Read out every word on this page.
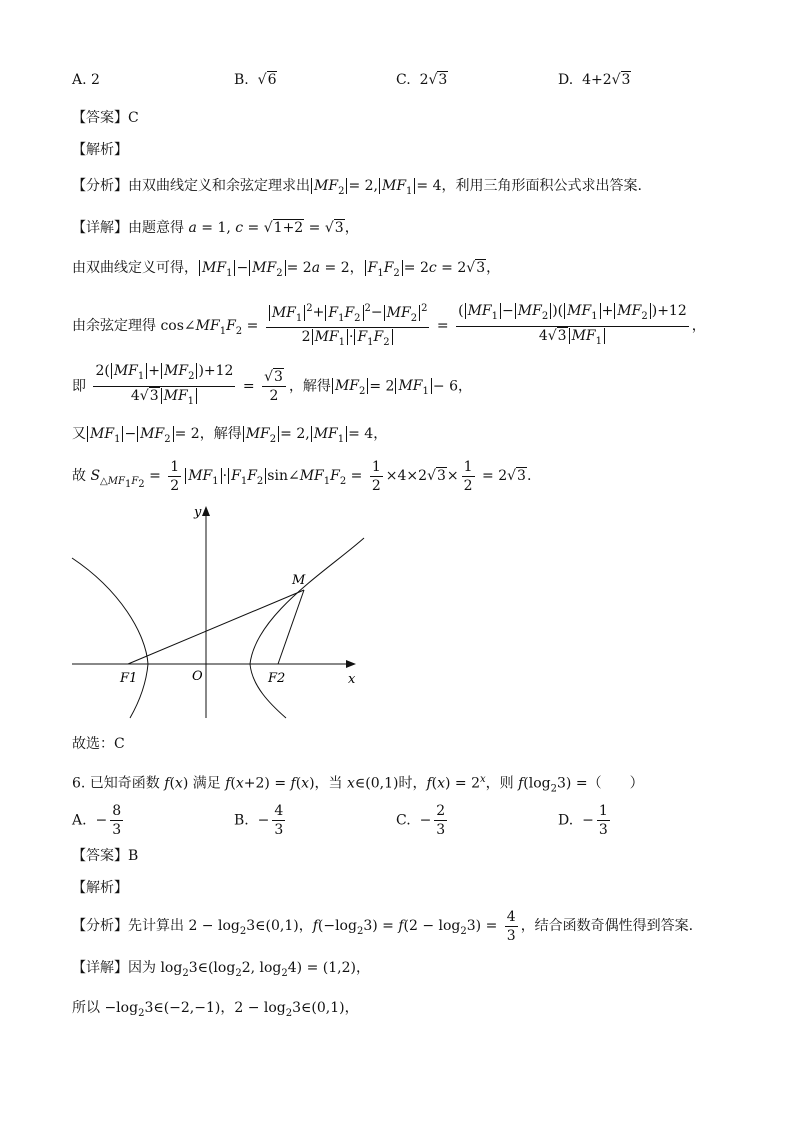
A. 2	B.  √6	C.  2√3	D.  4+2√3
【答案】C
【解析】
【分析】由双曲线定义和余弦定理求出 $MF_2 = 2$, $MF_1 = 4$，利用三角形面积公式求出答案.
【详解】由题意得 a = 1, c = √1+2 = √3，
由双曲线定义可得， $MF_1 - MF_2 = 2a = 2$， $F_1F_2 = 2c = 2√3$，
由余弦定理得 $\cos\angle MF_1F_2 = \frac{MF_1^2+ F_1F_2^2- MF_2^2}{2 MF_1 \cdot F_1F_2} = \frac{( MF_1 - MF_2 )( MF_1 + MF_2 )+12}{4√3 MF_1}$ ，
即 $\frac{2( MF_1 + MF_2 )+12}{4√3 MF_1} = \frac{√3}{2}$ ，解得 $MF_2 = 2$ $MF_1 - 6$，
又 $MF_1 - MF_2 = 2$，解得 $MF_2 = 2$, $MF_1 = 4$，
故 $S_{\triangle MF_1F_2} = \frac{1}{2} MF_1 \cdot F_1F_2$ $\sin\angle MF_1F_2 = \frac{1}{2} \times 4\times 2√3\times \frac{1}{2} = 2√3$.
y
x
M
O
F1	F2
故选：C
6. 已知奇函数 f(x) 满足 f(x+2) = f(x)，当 x∈(0,1)时，$f(x) = 2^x$，则 $f(\log_23)$ =（　　）
A.  − $\frac{8}{3}$	B.  − $\frac{4}{3}$	C.  − $\frac{2}{3}$	D.  − $\frac{1}{3}$
【答案】B
【解析】
【分析】先计算出 $2 - \log_23\in(0,1)$，$f(-\log_23) = f(2 - \log_23) = \frac{4}{3}$ ，结合函数奇偶性得到答案.
【详解】因为 $\log_23\in(\log_22$, $\log_24) = (1,2)$，
所以 $-\log_23\in(-2,-1)$，$2 - \log_23\in(0,1)$，
